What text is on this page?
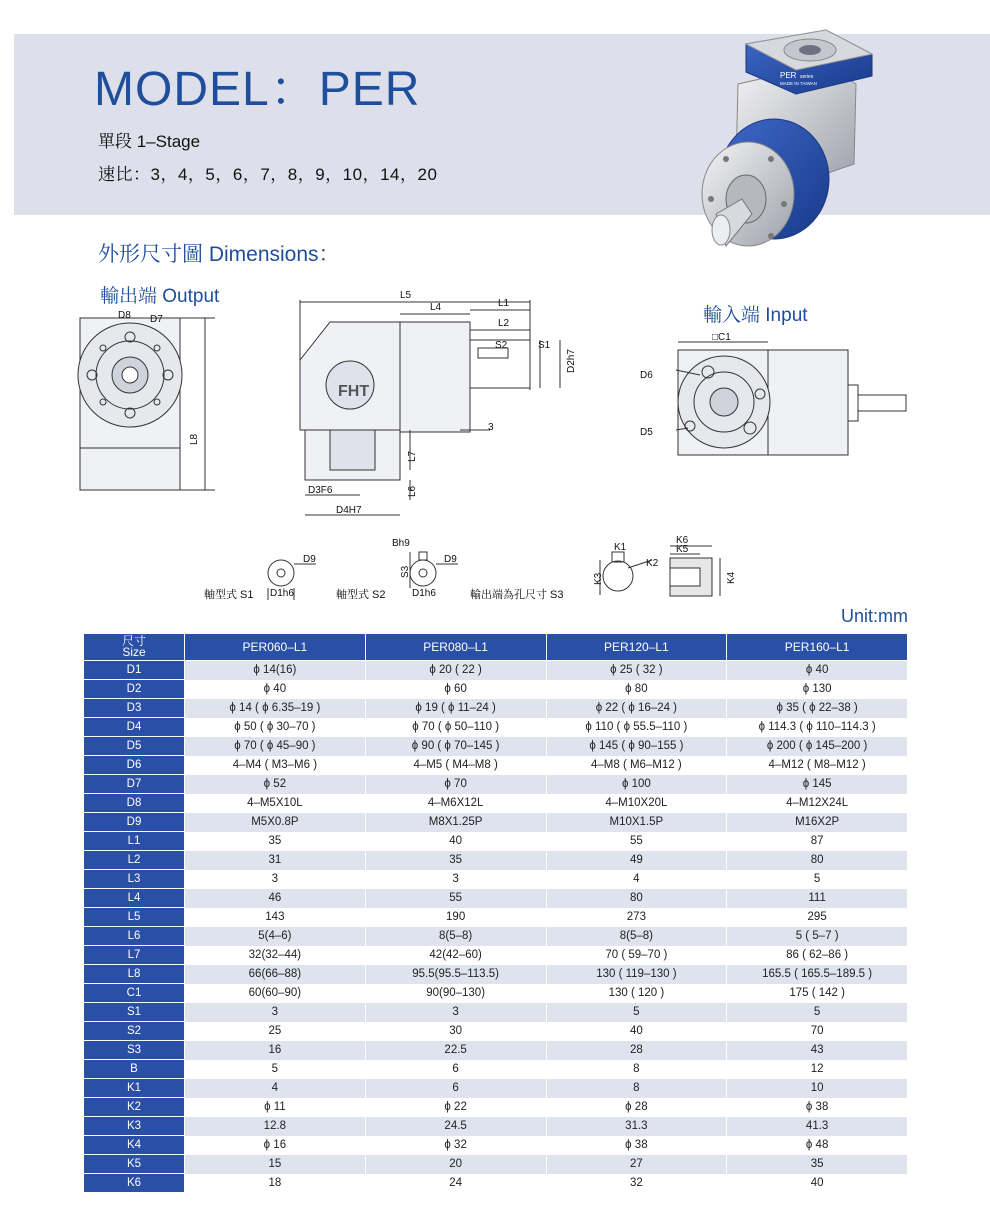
MODEL：PER
單段 1–Stage
速比：3，4，5，6，7，8，9，10，14，20
PER series
MADE IN TAIWAN
外形尺寸圖 Dimensions：
輸出端 Output
輸入端 Input
D8 D7
L8
L5
L4	L1
L2
S2	S1
D2h7
3
FHT
L7
L6
D3F6
D4H7
□C1
D6
D5
D9
D1h6
軸型式 S1
Bh9
S3
D9
D1h6
軸型式 S2
K1
K2
K3	K4
K5
K6
輸出端為孔尺寸 S3
Unit:mm
尺寸
Size	PER060–L1	PER080–L1	PER120–L1	PER160–L1
D1	ϕ 14(16)	ϕ 20 ( 22 )	ϕ 25 ( 32 )	ϕ 40
D2	ϕ 40	ϕ 60	ϕ 80	ϕ 130
D3	ϕ 14 ( ϕ 6.35–19 )	ϕ 19 ( ϕ 11–24 )	ϕ 22 ( ϕ 16–24 )	ϕ 35 ( ϕ 22–38 )
D4	ϕ 50 ( ϕ 30–70 )	ϕ 70 ( ϕ 50–110 )	ϕ 110 ( ϕ 55.5–110 )	ϕ 114.3 ( ϕ 110–114.3 )
D5	ϕ 70 ( ϕ 45–90 )	ϕ 90 ( ϕ 70–145 )	ϕ 145 ( ϕ 90–155 )	ϕ 200 ( ϕ 145–200 )
D6	4–M4 ( M3–M6 )	4–M5 ( M4–M8 )	4–M8 ( M6–M12 )	4–M12 ( M8–M12 )
D7	ϕ 52	ϕ 70	ϕ 100	ϕ 145
D8	4–M5X10L	4–M6X12L	4–M10X20L	4–M12X24L
D9	M5X0.8P	M8X1.25P	M10X1.5P	M16X2P
L1	35	40	55	87
L2	31	35	49	80
L3	3	3	4	5
L4	46	55	80	111
L5	143	190	273	295
L6	5(4–6)	8(5–8)	8(5–8)	5 ( 5–7 )
L7	32(32–44)	42(42–60)	70 ( 59–70 )	86 ( 62–86 )
L8	66(66–88)	95.5(95.5–113.5)	130 ( 119–130 )	165.5 ( 165.5–189.5 )
C1	60(60–90)	90(90–130)	130 ( 120 )	175 ( 142 )
S1	3	3	5	5
S2	25	30	40	70
S3	16	22.5	28	43
B	5	6	8	12
K1	4	6	8	10
K2	ϕ 11	ϕ 22	ϕ 28	ϕ 38
K3	12.8	24.5	31.3	41.3
K4	ϕ 16	ϕ 32	ϕ 38	ϕ 48
K5	15	20	27	35
K6	18	24	32	40
